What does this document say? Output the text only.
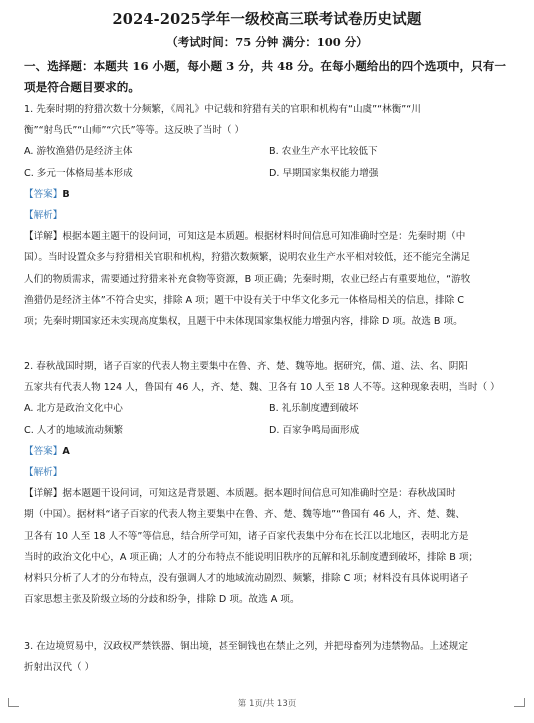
2024-2025学年一级校高三联考试卷历史试题
（考试时间：75 分钟 满分：100 分）
一、选择题：本题共 16 小题，每小题 3 分，共 48 分。在每小题给出的四个选项中，只有一
项是符合题目要求的。
1. 先秦时期的狩猎次数十分频繁，《周礼》中记载和狩猎有关的官职和机构有“山虞”“林衡”“川
衡”“射鸟氏”“山师”“穴氏”等等。这反映了当时（ ）
A. 游牧渔猎仍是经济主体	B. 农业生产水平比较低下
C. 多元一体格局基本形成	D. 早期国家集权能力增强
【答案】B
【解析】
【详解】根据本题主题干的设问词，可知这是本质题。根据材料时间信息可知准确时空是：先秦时期（中
国）。当时设置众多与狩猎相关官职和机构，狩猎次数频繁，说明农业生产水平相对较低，还不能完全满足
人们的物质需求，需要通过狩猎来补充食物等资源，B 项正确；先秦时期，农业已经占有重要地位，“游牧
渔猎仍是经济主体”不符合史实，排除 A 项；题干中设有关于中华文化多元一体格局相关的信息，排除 C
项；先秦时期国家还未实现高度集权，且题干中未体现国家集权能力增强内容，排除 D 项。故选 B 项。
2. 春秋战国时期，诸子百家的代表人物主要集中在鲁、齐、楚、魏等地。据研究，儒、道、法、名、阴阳
五家共有代表人物 124 人，鲁国有 46 人，齐、楚、魏、卫各有 10 人至 18 人不等。这种现象表明，当时（ ）
A. 北方是政治文化中心	B. 礼乐制度遭到破坏
C. 人才的地域流动频繁	D. 百家争鸣局面形成
【答案】A
【解析】
【详解】据本题题干设问词，可知这是背景题、本质题。据本题时间信息可知准确时空是：春秋战国时
期（中国）。据材料“诸子百家的代表人物主要集中在鲁、齐、楚、魏等地”“鲁国有 46 人，齐、楚、魏、
卫各有 10 人至 18 人不等”等信息，结合所学可知，诸子百家代表集中分布在长江以北地区，表明北方是
当时的政治文化中心，A 项正确；人才的分布特点不能说明旧秩序的瓦解和礼乐制度遭到破坏，排除 B 项；
材料只分析了人才的分布特点，没有强调人才的地域流动剧烈、频繁，排除 C 项；材料没有具体说明诸子
百家思想主张及阶级立场的分歧和纷争，排除 D 项。故选 A 项。
3. 在边境贸易中，汉政权严禁铁器、铜出境，甚至铜钱也在禁止之列，并把母畜列为违禁物品。上述规定
折射出汉代（ ）
第 1页/共 13页
